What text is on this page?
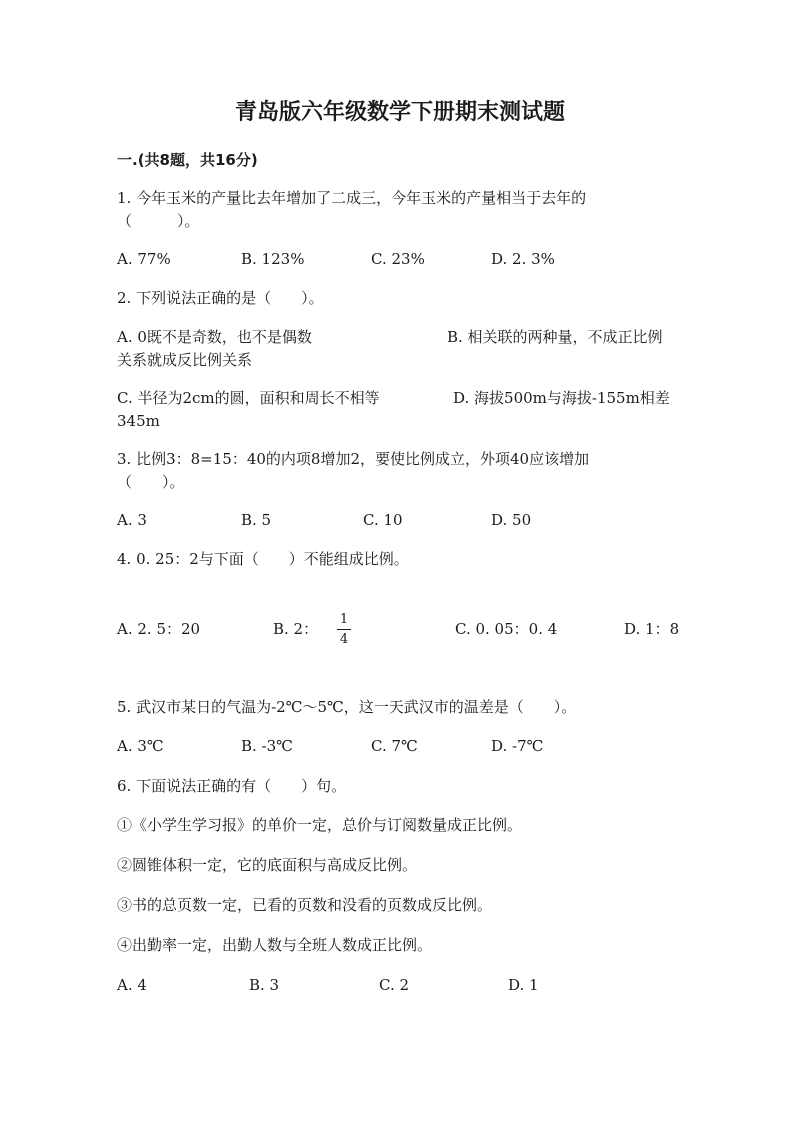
青岛版六年级数学下册期末测试题
一.(共8题，共16分)
1. 今年玉米的产量比去年增加了二成三，今年玉米的产量相当于去年的
（　　　）。
A. 77%	B. 123%	C. 23%	D. 2. 3%
2. 下列说法正确的是（　　）。
A. 0既不是奇数，也不是偶数	B. 相关联的两种量，不成正比例
关系就成反比例关系
C. 半径为2cm的圆，面积和周长不相等	D. 海拔500m与海拔-155m相差
345m
3. 比例3：8=15：40的内项8增加2，要使比例成立，外项40应该增加
（　　）。
A. 3	B. 5	C. 10	D. 50
4. 0. 25：2与下面（　　）不能组成比例。
A. 2. 5：20	B. 2：
1
4
C. 0. 05：0. 4	D. 1：8
5. 武汉市某日的气温为-2℃～5℃，这一天武汉市的温差是（　　）。
A. 3℃	B. -3℃	C. 7℃	D. -7℃
6. 下面说法正确的有（　　）句。
①《小学生学习报》的单价一定，总价与订阅数量成正比例。
②圆锥体积一定，它的底面积与高成反比例。
③书的总页数一定，已看的页数和没看的页数成反比例。
④出勤率一定，出勤人数与全班人数成正比例。
A. 4	B. 3	C. 2	D. 1
